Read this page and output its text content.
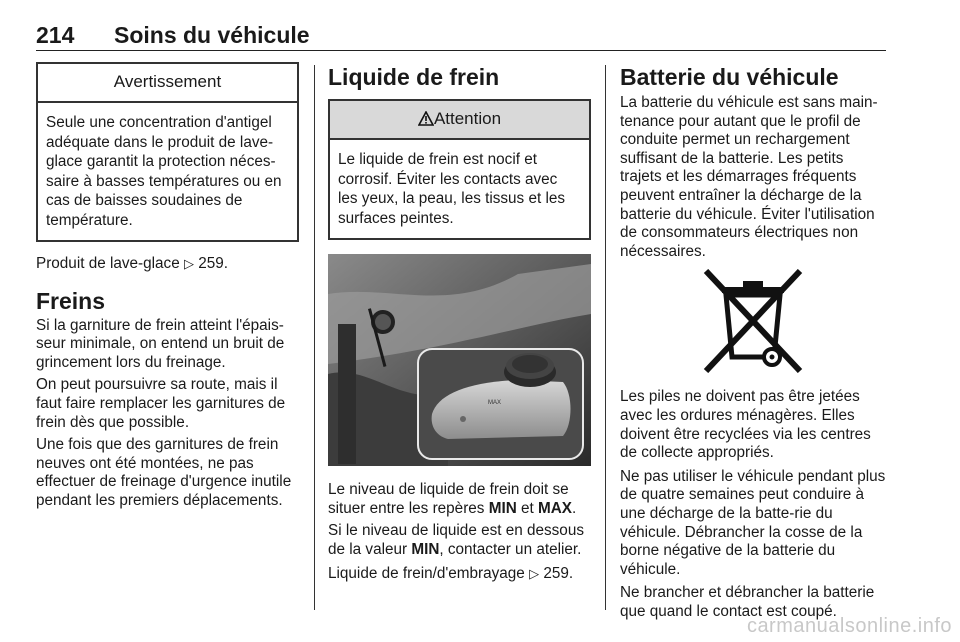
214 Soins du véhicule
Avertissement
Seule une concentration d'antigel adéquate dans le produit de lave-glace garantit la protection néces-saire à basses températures ou en cas de baisses soudaines de température.

Produit de lave-glace ▷ 259.

Freins

Si la garniture de frein atteint l'épais-seur minimale, on entend un bruit de grincement lors du freinage.

On peut poursuivre sa route, mais il faut faire remplacer les garnitures de frein dès que possible.

Une fois que des garnitures de frein neuves ont été montées, ne pas effectuer de freinage d'urgence inutile pendant les premiers déplacements.

Liquide de frein
Attention
Le liquide de frein est nocif et corrosif. Éviter les contacts avec les yeux, la peau, les tissus et les surfaces peintes.
MAX

Le niveau de liquide de frein doit se situer entre les repères MIN et MAX.

Si le niveau de liquide est en dessous de la valeur MIN, contacter un atelier.

Liquide de frein/d'embrayage ▷ 259.

Batterie du véhicule

La batterie du véhicule est sans main-tenance pour autant que le profil de conduite permet un rechargement suffisant de la batterie. Les petits trajets et les démarrages fréquents peuvent entraîner la décharge de la batterie du véhicule. Éviter l'utilisation de consommateurs électriques non nécessaires.

Les piles ne doivent pas être jetées avec les ordures ménagères. Elles doivent être recyclées via les centres de collecte appropriés.

Ne pas utiliser le véhicule pendant plus de quatre semaines peut conduire à une décharge de la batte-rie du véhicule. Débrancher la cosse de la borne négative de la batterie du véhicule.

Ne brancher et débrancher la batterie que quand le contact est coupé.

carmanualsonline.info
